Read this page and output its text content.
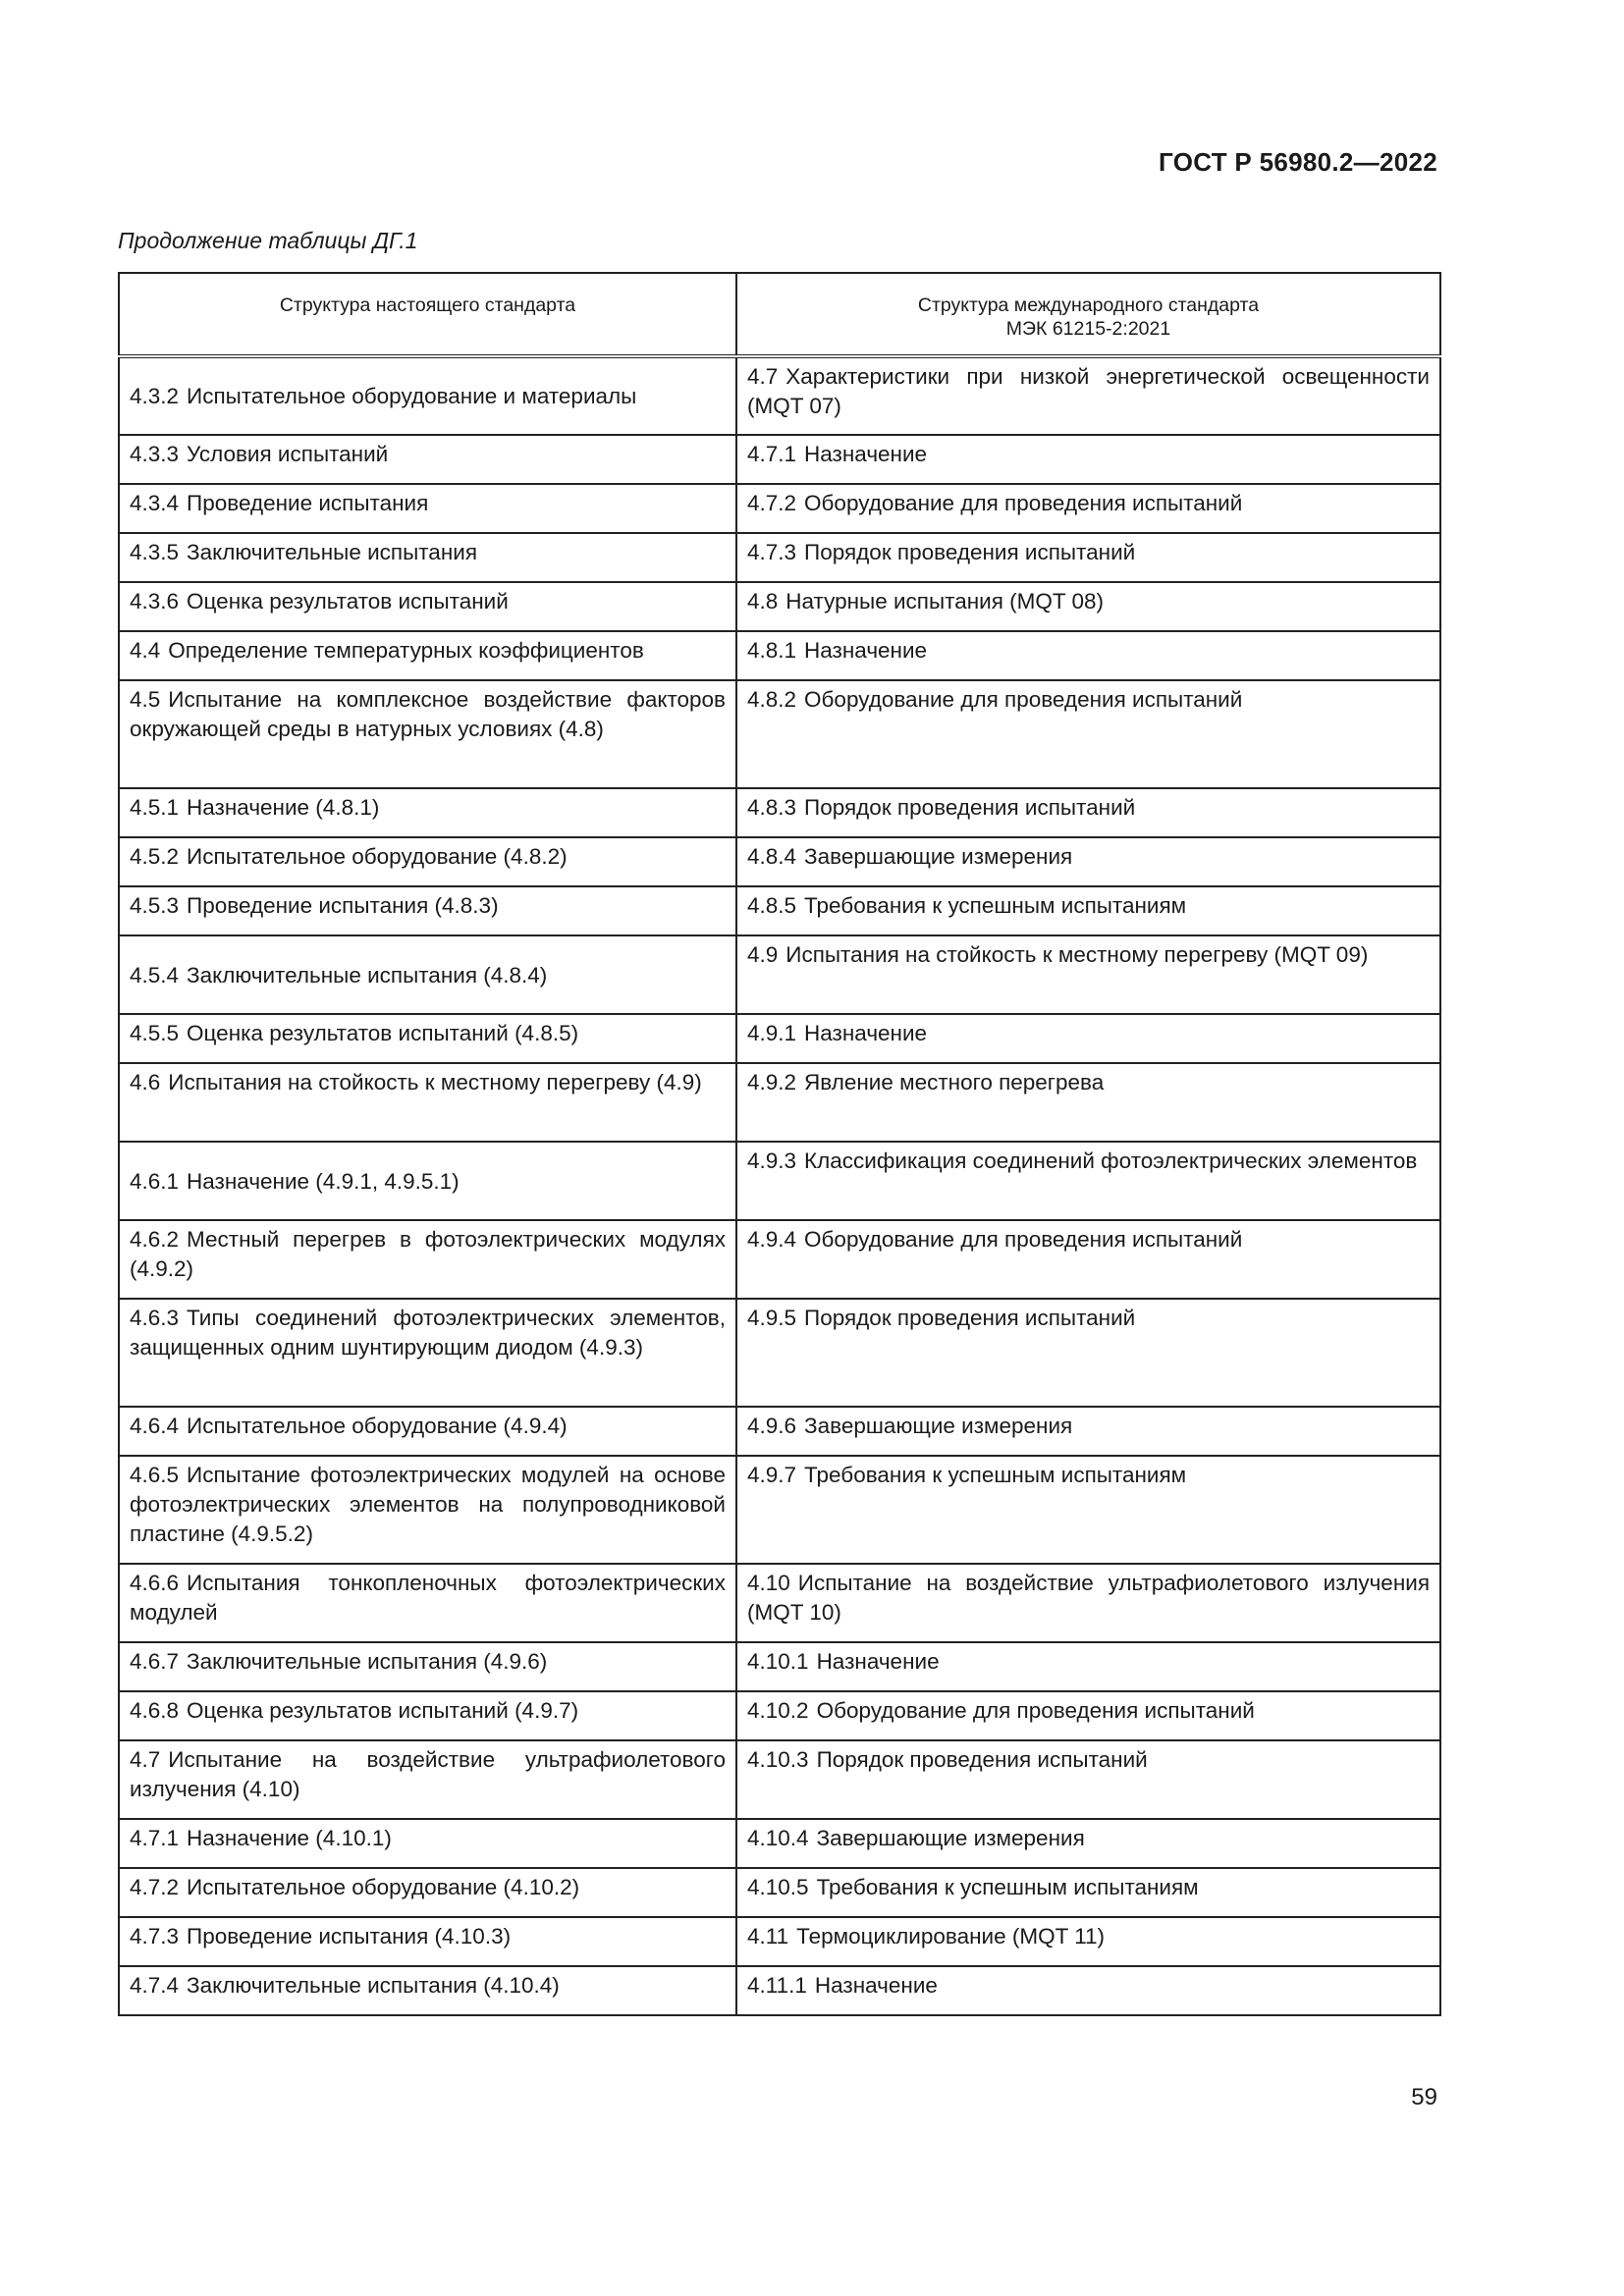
ГОСТ Р 56980.2—2022
Продолжение таблицы ДГ.1
Структура настоящего стандарта	Структура международного стандарта
МЭК 61215-2:2021

4.3.2 Испытательное оборудование и материалы	4.7 Характеристики при низкой энергетической освещенности (MQT 07)
4.3.3 Условия испытаний	4.7.1 Назначение
4.3.4 Проведение испытания	4.7.2 Оборудование для проведения испытаний
4.3.5 Заключительные испытания	4.7.3 Порядок проведения испытаний
4.3.6 Оценка результатов испытаний	4.8 Натурные испытания (MQT 08)
4.4 Определение температурных коэффициентов	4.8.1 Назначение
4.5 Испытание на комплексное воздействие факторов окружающей среды в натурных условиях (4.8)	4.8.2 Оборудование для проведения испытаний
4.5.1 Назначение (4.8.1)	4.8.3 Порядок проведения испытаний
4.5.2 Испытательное оборудование (4.8.2)	4.8.4 Завершающие измерения
4.5.3 Проведение испытания (4.8.3)	4.8.5 Требования к успешным испытаниям
4.5.4 Заключительные испытания (4.8.4)	4.9 Испытания на стойкость к местному перегреву (MQT 09)
4.5.5 Оценка результатов испытаний (4.8.5)	4.9.1 Назначение
4.6 Испытания на стойкость к местному перегреву (4.9)	4.9.2 Явление местного перегрева
4.6.1 Назначение (4.9.1, 4.9.5.1)	4.9.3 Классификация соединений фотоэлектрических элементов
4.6.2 Местный перегрев в фотоэлектрических модулях (4.9.2)	4.9.4 Оборудование для проведения испытаний
4.6.3 Типы соединений фотоэлектрических элементов, защищенных одним шунтирующим диодом (4.9.3)	4.9.5 Порядок проведения испытаний
4.6.4 Испытательное оборудование (4.9.4)	4.9.6 Завершающие измерения
4.6.5 Испытание фотоэлектрических модулей на основе фотоэлектрических элементов на полупроводниковой пластине (4.9.5.2)	4.9.7 Требования к успешным испытаниям
4.6.6 Испытания тонкопленочных фотоэлектрических модулей	4.10 Испытание на воздействие ультрафиолетового излучения (MQT 10)
4.6.7 Заключительные испытания (4.9.6)	4.10.1 Назначение
4.6.8 Оценка результатов испытаний (4.9.7)	4.10.2 Оборудование для проведения испытаний
4.7 Испытание на воздействие ультрафиолетового излучения (4.10)	4.10.3 Порядок проведения испытаний
4.7.1 Назначение (4.10.1)	4.10.4 Завершающие измерения
4.7.2 Испытательное оборудование (4.10.2)	4.10.5 Требования к успешным испытаниям
4.7.3 Проведение испытания (4.10.3)	4.11 Термоциклирование (MQT 11)
4.7.4 Заключительные испытания (4.10.4)	4.11.1 Назначение
59
